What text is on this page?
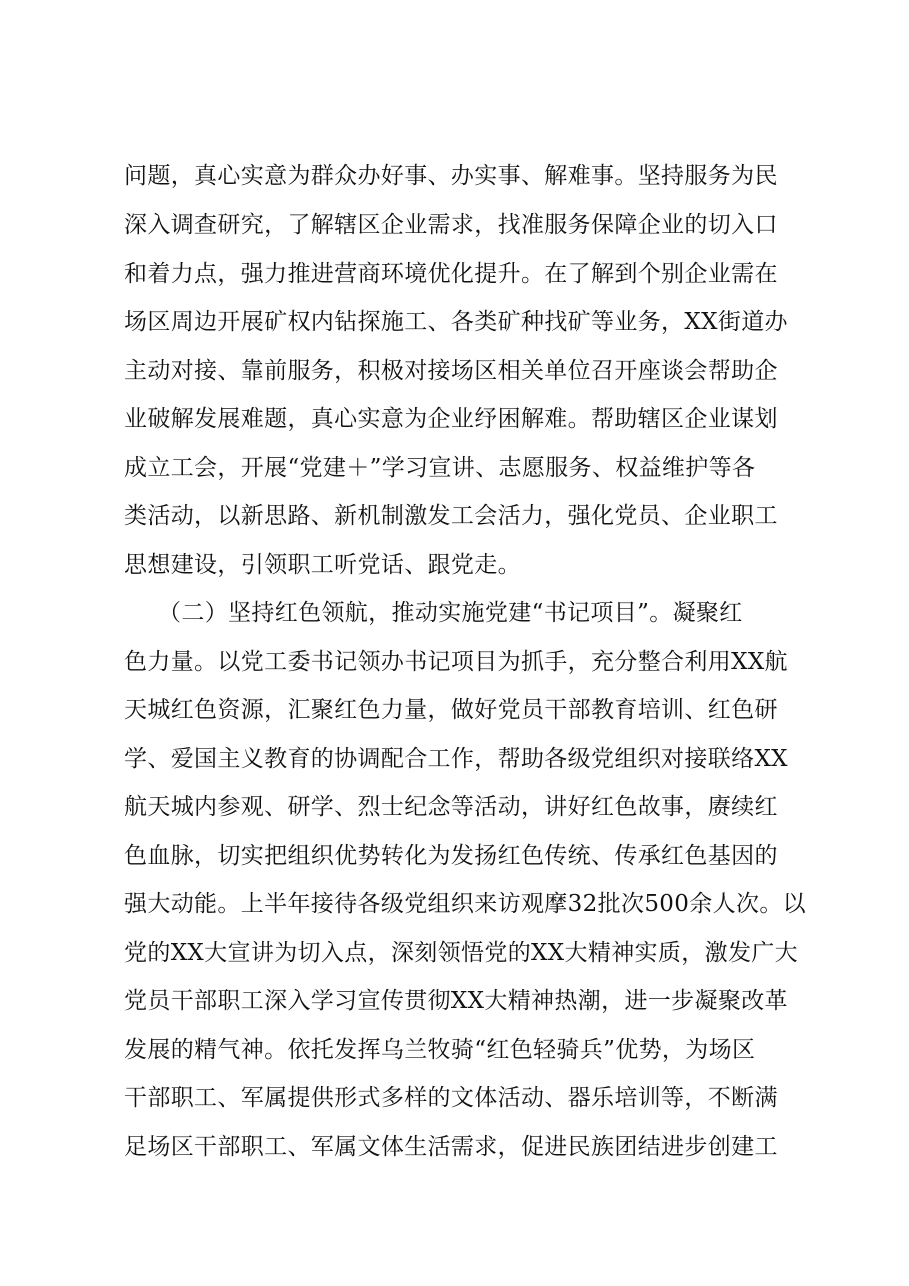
问题，真心实意为群众办好事、办实事、解难事。坚持服务为民
深入调查研究，了解辖区企业需求，找准服务保障企业的切入口
和着力点，强力推进营商环境优化提升。在了解到个别企业需在
场区周边开展矿权内钻探施工、各类矿种找矿等业务，XX街道办
主动对接、靠前服务，积极对接场区相关单位召开座谈会帮助企
业破解发展难题，真心实意为企业纾困解难。帮助辖区企业谋划
成立工会，开展“党建＋”学习宣讲、志愿服务、权益维护等各
类活动，以新思路、新机制激发工会活力，强化党员、企业职工
思想建设，引领职工听党话、跟党走。
（二）坚持红色领航，推动实施党建“书记项目”。凝聚红
色力量。以党工委书记领办书记项目为抓手，充分整合利用XX航
天城红色资源，汇聚红色力量，做好党员干部教育培训、红色研
学、爱国主义教育的协调配合工作，帮助各级党组织对接联络XX
航天城内参观、研学、烈士纪念等活动，讲好红色故事，赓续红
色血脉，切实把组织优势转化为发扬红色传统、传承红色基因的
强大动能。上半年接待各级党组织来访观摩32批次500余人次。以
党的XX大宣讲为切入点，深刻领悟党的XX大精神实质，激发广大
党员干部职工深入学习宣传贯彻XX大精神热潮，进一步凝聚改革
发展的精气神。依托发挥乌兰牧骑“红色轻骑兵”优势，为场区
干部职工、军属提供形式多样的文体活动、器乐培训等，不断满
足场区干部职工、军属文体生活需求，促进民族团结进步创建工
